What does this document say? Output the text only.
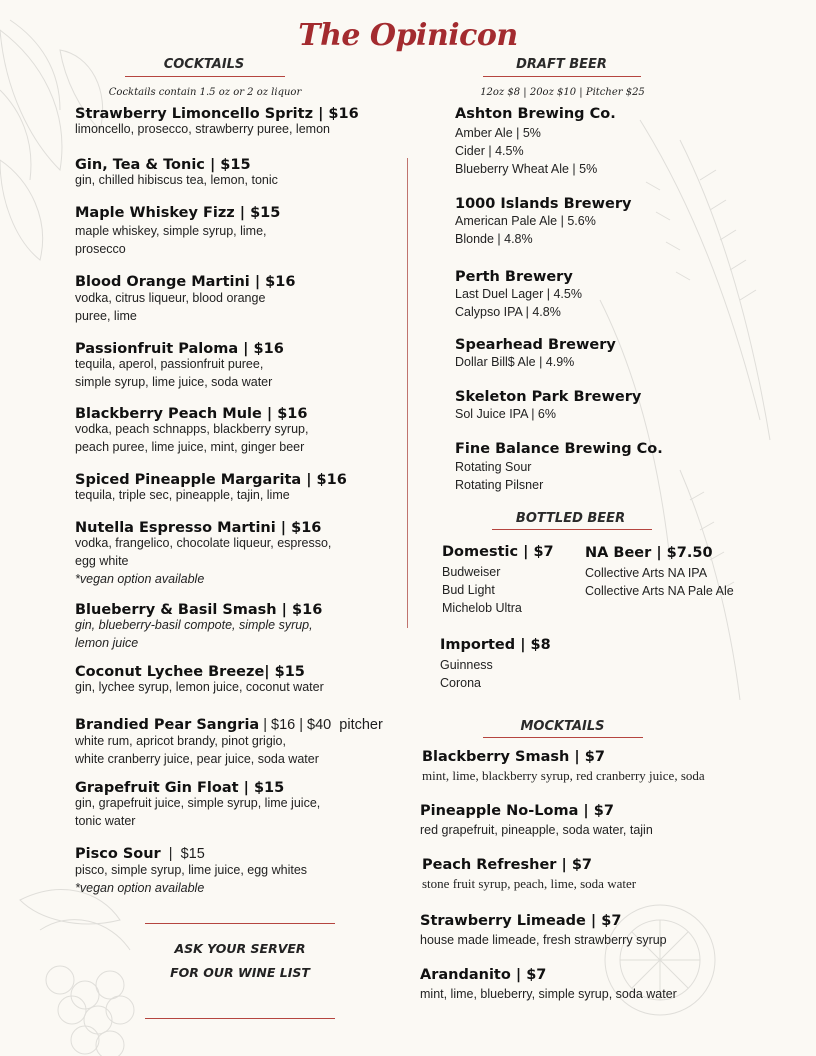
The Opinicon
COCKTAILS
Cocktails contain 1.5 oz or 2 oz liquor
Strawberry Limoncello Spritz | $16
limoncello, prosecco, strawberry puree, lemon
Gin, Tea & Tonic | $15
gin, chilled hibiscus tea, lemon, tonic
Maple Whiskey Fizz | $15
maple whiskey, simple syrup, lime,
prosecco
Blood Orange Martini | $16
vodka, citrus liqueur, blood orange
puree, lime
Passionfruit Paloma | $16
tequila, aperol, passionfruit puree,
simple syrup, lime juice, soda water
Blackberry Peach Mule | $16
vodka, peach schnapps, blackberry syrup,
peach puree, lime juice, mint, ginger beer
Spiced Pineapple Margarita | $16
tequila, triple sec, pineapple, tajin, lime
Nutella Espresso Martini | $16
vodka, frangelico, chocolate liqueur, espresso,
egg white
*vegan option available
Blueberry & Basil Smash | $16
gin, blueberry-basil compote, simple syrup,
lemon juice
Coconut Lychee Breeze| $15
gin, lychee syrup, lemon juice, coconut water
Brandied Pear Sangria | $16 | $40  pitcher
white rum, apricot brandy, pinot grigio,
white cranberry juice, pear juice, soda water
Grapefruit Gin Float | $15
gin, grapefruit juice, simple syrup, lime juice,
tonic water
Pisco Sour  |  $15
pisco, simple syrup, lime juice, egg whites
*vegan option available
ASK YOUR SERVER
FOR OUR WINE LIST
DRAFT BEER
12oz $8 | 20oz $10 | Pitcher $25
Ashton Brewing Co.
Amber Ale | 5%
Cider | 4.5%
Blueberry Wheat Ale | 5%
1000 Islands Brewery
American Pale Ale | 5.6%
Blonde | 4.8%
Perth Brewery
Last Duel Lager | 4.5%
Calypso IPA | 4.8%
Spearhead Brewery
Dollar Bill$ Ale | 4.9%
Skeleton Park Brewery
Sol Juice IPA | 6%
Fine Balance Brewing Co.
Rotating Sour
Rotating Pilsner
BOTTLED BEER
Domestic | $7
Budweiser
Bud Light
Michelob Ultra
NA Beer | $7.50
Collective Arts NA IPA
Collective Arts NA Pale Ale
Imported | $8
Guinness
Corona
MOCKTAILS
Blackberry Smash | $7
mint, lime, blackberry syrup, red cranberry juice, soda
Pineapple No-Loma | $7
red grapefruit, pineapple, soda water, tajin
Peach Refresher | $7
stone fruit syrup, peach, lime, soda water
Strawberry Limeade | $7
house made limeade, fresh strawberry syrup
Arandanito | $7
mint, lime, blueberry, simple syrup, soda water
